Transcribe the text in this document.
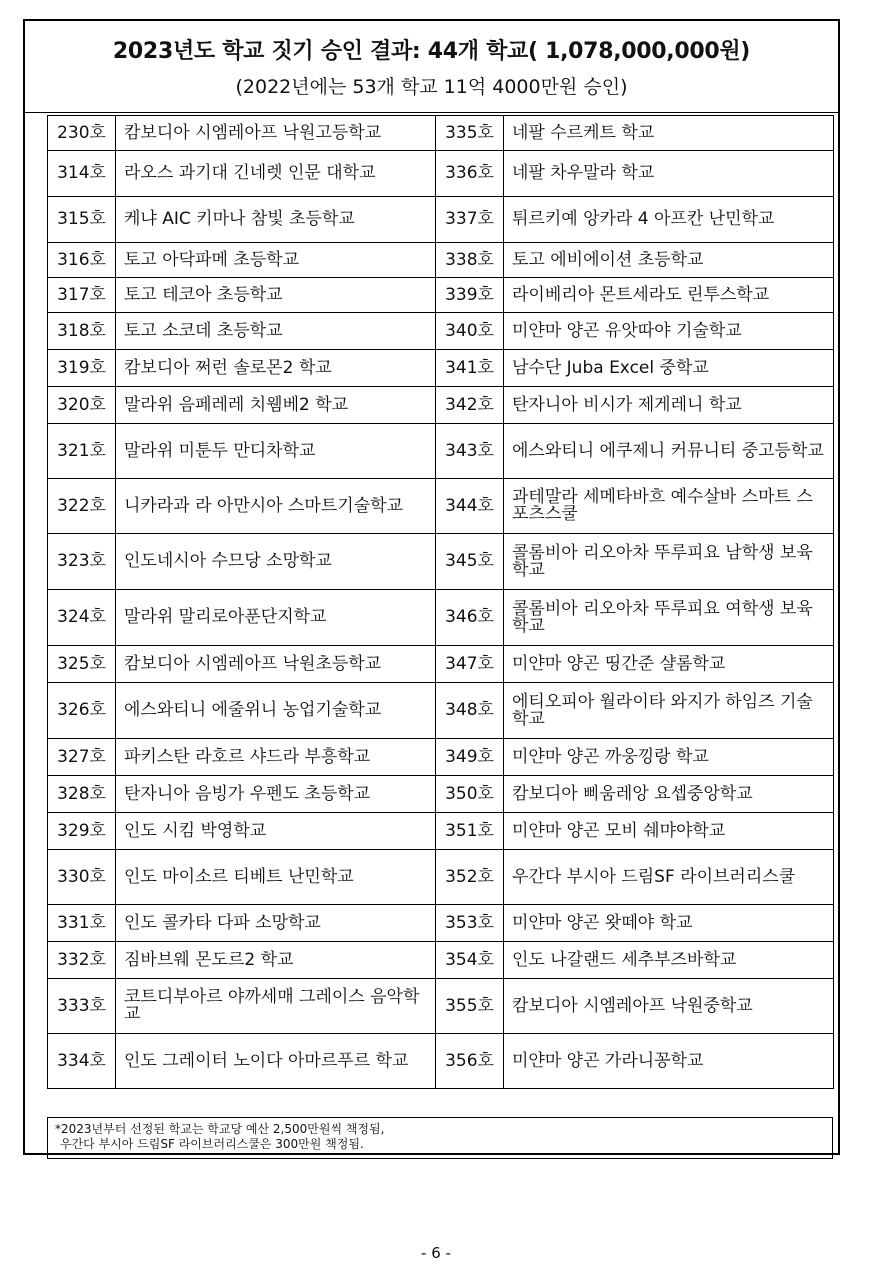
2023년도 학교 짓기 승인 결과: 44개 학교( 1,078,000,000원)
(2022년에는 53개 학교 11억 4000만원 승인)
230호	캄보디아 시엠레아프 낙원고등학교	335호	네팔 수르케트 학교
314호	라오스 과기대 긴네렛 인문 대학교	336호	네팔 차우말라 학교
315호	케냐 AIC 키마나 참빛 초등학교	337호	튀르키예 앙카라 4 아프칸 난민학교
316호	토고 아닥파메 초등학교	338호	토고 에비에이션 초등학교
317호	토고 테코아 초등학교	339호	라이베리아 몬트세라도 린투스학교
318호	토고 소코데 초등학교	340호	미얀마 양곤 유앗따야 기술학교
319호	캄보디아 쩌런 솔로몬2 학교	341호	남수단 Juba Excel 중학교
320호	말라위 음페레레 치웸베2 학교	342호	탄자니아 비시가 제게레니 학교
321호	말라위 미툰두 만디차학교	343호	에스와티니 에쿠제니 커뮤니티 중고등학교
322호	니카라과 라 아만시아 스마트기술학교	344호	과테말라 세메타바흐 예수살바 스마트 스포츠스쿨
323호	인도네시아 수므당 소망학교	345호	콜롬비아 리오아차 뚜루피요 남학생 보육학교
324호	말라위 말리로아푼단지학교	346호	콜롬비아 리오아차 뚜루피요 여학생 보육학교
325호	캄보디아 시엠레아프 낙원초등학교	347호	미얀마 양곤 띵간준 샬롬학교
326호	에스와티니 에줄위니 농업기술학교	348호	에티오피아 월라이타 와지가 하임즈 기술학교
327호	파키스탄 라호르 샤드라 부흥학교	349호	미얀마 양곤 까웅낑랑 학교
328호	탄자니아 음빙가 우펜도 초등학교	350호	캄보디아 삐움레앙 요셉중앙학교
329호	인도 시킴 박영학교	351호	미얀마 양곤 모비 쉐먀야학교
330호	인도 마이소르 티베트 난민학교	352호	우간다 부시아 드림SF 라이브러리스쿨
331호	인도 콜카타 다파 소망학교	353호	미얀마 양곤 왓떼야 학교
332호	짐바브웨 몬도르2 학교	354호	인도 나갈랜드 세추부즈바학교
333호	코트디부아르 야까세매 그레이스 음악학교	355호	캄보디아 시엠레아프 낙원중학교
334호	인도 그레이터 노이다 아마르푸르 학교	356호	미얀마 양곤 가라니꽁학교
*2023년부터 선정된 학교는 학교당 예산 2,500만원씩 책정됨,
우간다 부시아 드림SF 라이브러리스쿨은 300만원 책정됨.
- 6 -
